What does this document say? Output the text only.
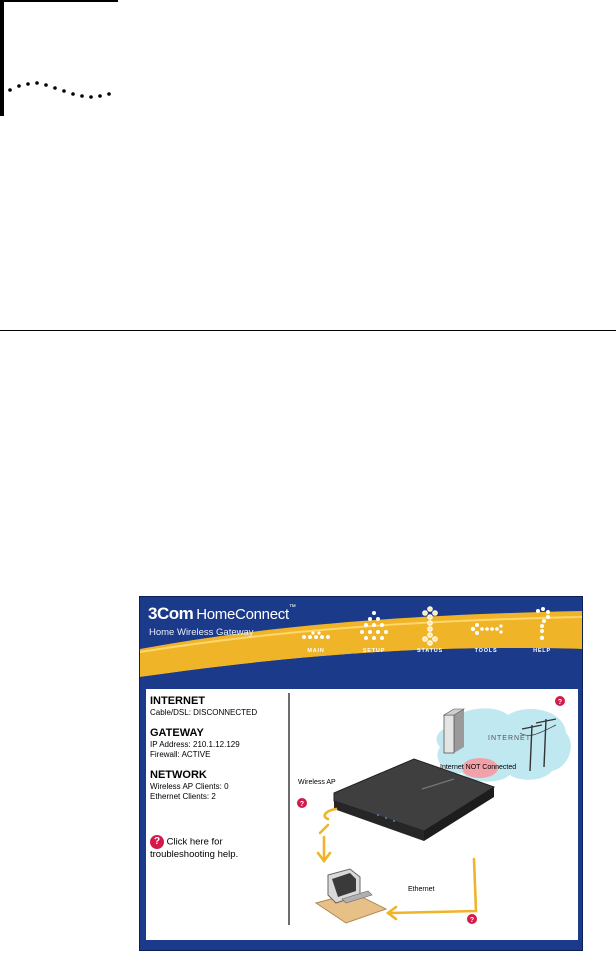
3Com HomeConnect™
Home Wireless Gateway
MAIN	SETUP	STATUS	TOOLS	HELP
INTERNET
Cable/DSL: DISCONNECTED
GATEWAY
IP Address: 210.1.12.129
Firewall: ACTIVE
NETWORK
Wireless AP Clients: 0
Ethernet Clients: 2
? Click here for troubleshooting help.
?
?
?
INTERNET
Internet NOT Connected
Wireless AP
Ethernet
